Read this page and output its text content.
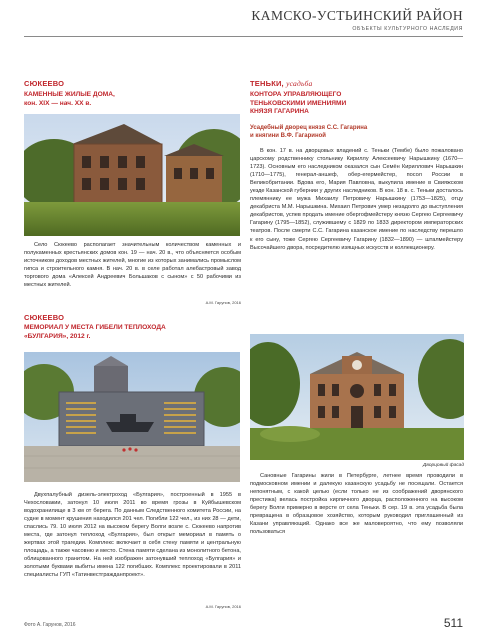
КАМСКО-УСТЬИНСКИЙ РАЙОН
ОБЪЕКТЫ КУЛЬТУРНОГО НАСЛЕДИЯ
СЮКЕЕВО
КАМЕННЫЕ ЖИЛЫЕ ДОМА,
кон. XIX — нач. XX в.

Село Сюкеево располагает значительным количеством каменных и полукаменных крестьянских домов кон. 19 — нач. 20 в., что объясняется особым источником доходов местных жителей, многие из которых занимались промыслом гипса и строительного камня. В нач. 20 в. в селе работал алебастровый завод торгового дома «Алексей Андреевич Большаков с сыном» с 50 рабочими из местных жителей.

А.М. Гарунов, 2016
СЮКЕЕВО
МЕМОРИАЛ У МЕСТА ГИБЕЛИ ТЕПЛОХОДА
«БУЛГАРИЯ», 2012 г.

Двухпалубный дизель-электроход «Булгария», построенный в 1955 в Чехословакии, затонул 10 июля 2011 во время грозы в Куйбышевском водохранилище в 3 км от берега. По данным Следственного комитета России, на судне в момент крушения находился 201 чел. Погибли 122 чел., из них 28 — дети, спаслись 79. 10 июля 2012 на высоком берегу Волги возле с. Сюкеево напротив места, где затонул теплоход «Булгария», был открыт мемориал в память о жертвах этой трагедии. Комплекс включает в себя стену памяти и центральную площадь, а также часовню и место. Стена памяти сделана из монолитного бетона, облицованного гранитом. На ней изображен затонувший теплоход «Булгария» и золотыми буквами выбиты имена 122 погибших. Комплекс проектировали в 2011 специалисты ГУП «Татинвестгражданпроект».

А.М. Гарунов, 2016
ТЕНЬКИ, усадьба
КОНТОРА УПРАВЛЯЮЩЕГО
ТЕНЬКОВСКИМИ ИМЕНИЯМИ
КНЯЗЯ ГАГАРИНА
Усадебный дворец князя С.С. Гагарина
и княгини В.Ф. Гагариной

В кон. 17 в. на дворцовых владений с. Теньки (Тембе) было пожаловано царскому родственнику стольнику Кириллу Алексеевичу Нарышкину (1670—1723). Основным его наследником оказался сын Семён Кириллович Нарышкин (1710—1775), генерал-аншеф, обер-егермейстер, посол России в Великобритании. Вдова его, Мария Павловна, выкупила имение в Свияжском уезде Казанской губернии у других наследников. В кон. 18 в. с. Теньки досталось племяннику ее мужа Михаилу Петровичу Нарышкину (1753—1825), отцу декабриста М.М. Нарышкина. Михаил Петрович умер незадолго до выступления декабристов, успев продать имение обергофмейстеру князю Сергею Сергеевичу Гагарину (1795—1852), служившему с 1829 по 1833 директором императорских театров. После смерти С.С. Гагарина казанское имение по наследству перешло к его сыну, тоже Сергею Сергеевичу Гагарину (1832—1890) — шталмейстеру Высочайшего двора, посредителю изящных искусств и коллекционеру.

Дворцовый фасад

Сановные Гагарины жили в Петербурге, летнее время проводили в подмосковном имении и далекую казанскую усадьбу не посещали. Остается непонятным, с какой целью (если только не из соображений дворянского престижа) велась постройка кирпичного дворца, расположенного на высоком берегу Волги примерно в версте от села Теньки. В сер. 19 в. эта усадьба была превращена в образцовое хозяйство, которым руководил приглашенный из Казани управляющий. Однако все же маловероятно, что ему позволяли пользоваться

Фото А. Гарунов, 2016	511
